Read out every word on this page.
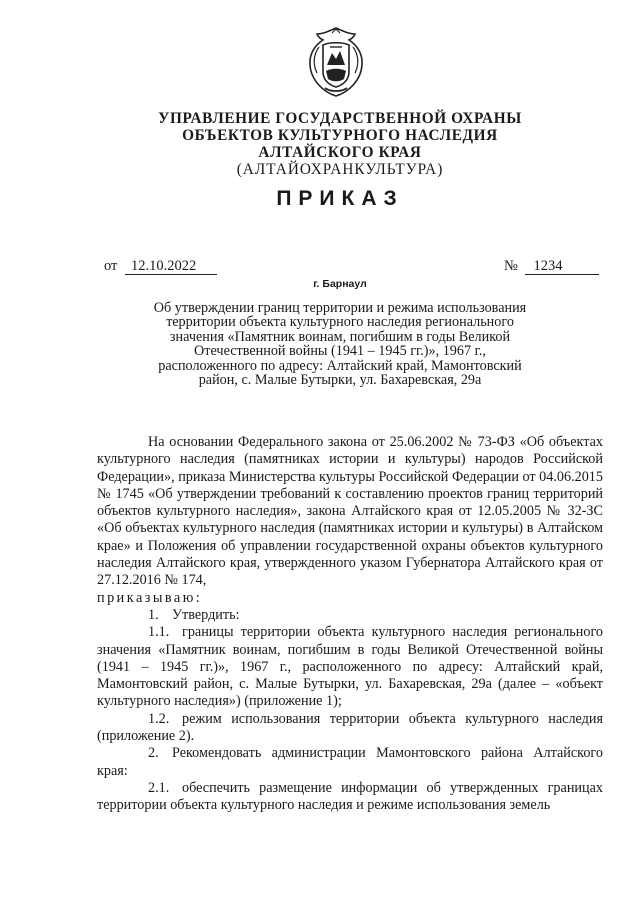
УПРАВЛЕНИЕ ГОСУДАРСТВЕННОЙ ОХРАНЫ
ОБЪЕКТОВ КУЛЬТУРНОГО НАСЛЕДИЯ
АЛТАЙСКОГО КРАЯ
(АЛТАЙОХРАНКУЛЬТУРА)
ПРИКАЗ
от 12.10.2022	№ 1234
г. Барнаул
Об утверждении границ территории и режима использования
территории объекта культурного наследия регионального
значения «Памятник воинам, погибшим в годы Великой
Отечественной войны (1941 – 1945 гг.)», 1967 г.,
расположенного по адресу: Алтайский край, Мамонтовский
район, с. Малые Бутырки, ул. Бахаревская, 29а

На основании Федерального закона от 25.06.2002 № 73-ФЗ «Об объектах культурного наследия (памятниках истории и культуры) народов Российской Федерации», приказа Министерства культуры Российской Федерации от 04.06.2015 № 1745 «Об утверждении требований к составлению проектов границ территорий объектов культурного наследия», закона Алтайского края от 12.05.2005 № 32-ЗС «Об объектах культурного наследия (памятниках истории и культуры) в Алтайском крае» и Положения об управлении государственной охраны объектов культурного наследия Алтайского края, утвержденного указом Губернатора Алтайского края от 27.12.2016 № 174,

приказываю:

1. Утвердить:

1.1. границы территории объекта культурного наследия регионального значения «Памятник воинам, погибшим в годы Великой Отечественной войны (1941 – 1945 гг.)», 1967 г., расположенного по адресу: Алтайский край, Мамонтовский район, с. Малые Бутырки, ул. Бахаревская, 29а (далее – «объект культурного наследия») (приложение 1);

1.2. режим использования территории объекта культурного наследия (приложение 2).

2. Рекомендовать администрации Мамонтовского района Алтайского края:

2.1. обеспечить размещение информации об утвержденных границах территории объекта культурного наследия и режиме использования земель
